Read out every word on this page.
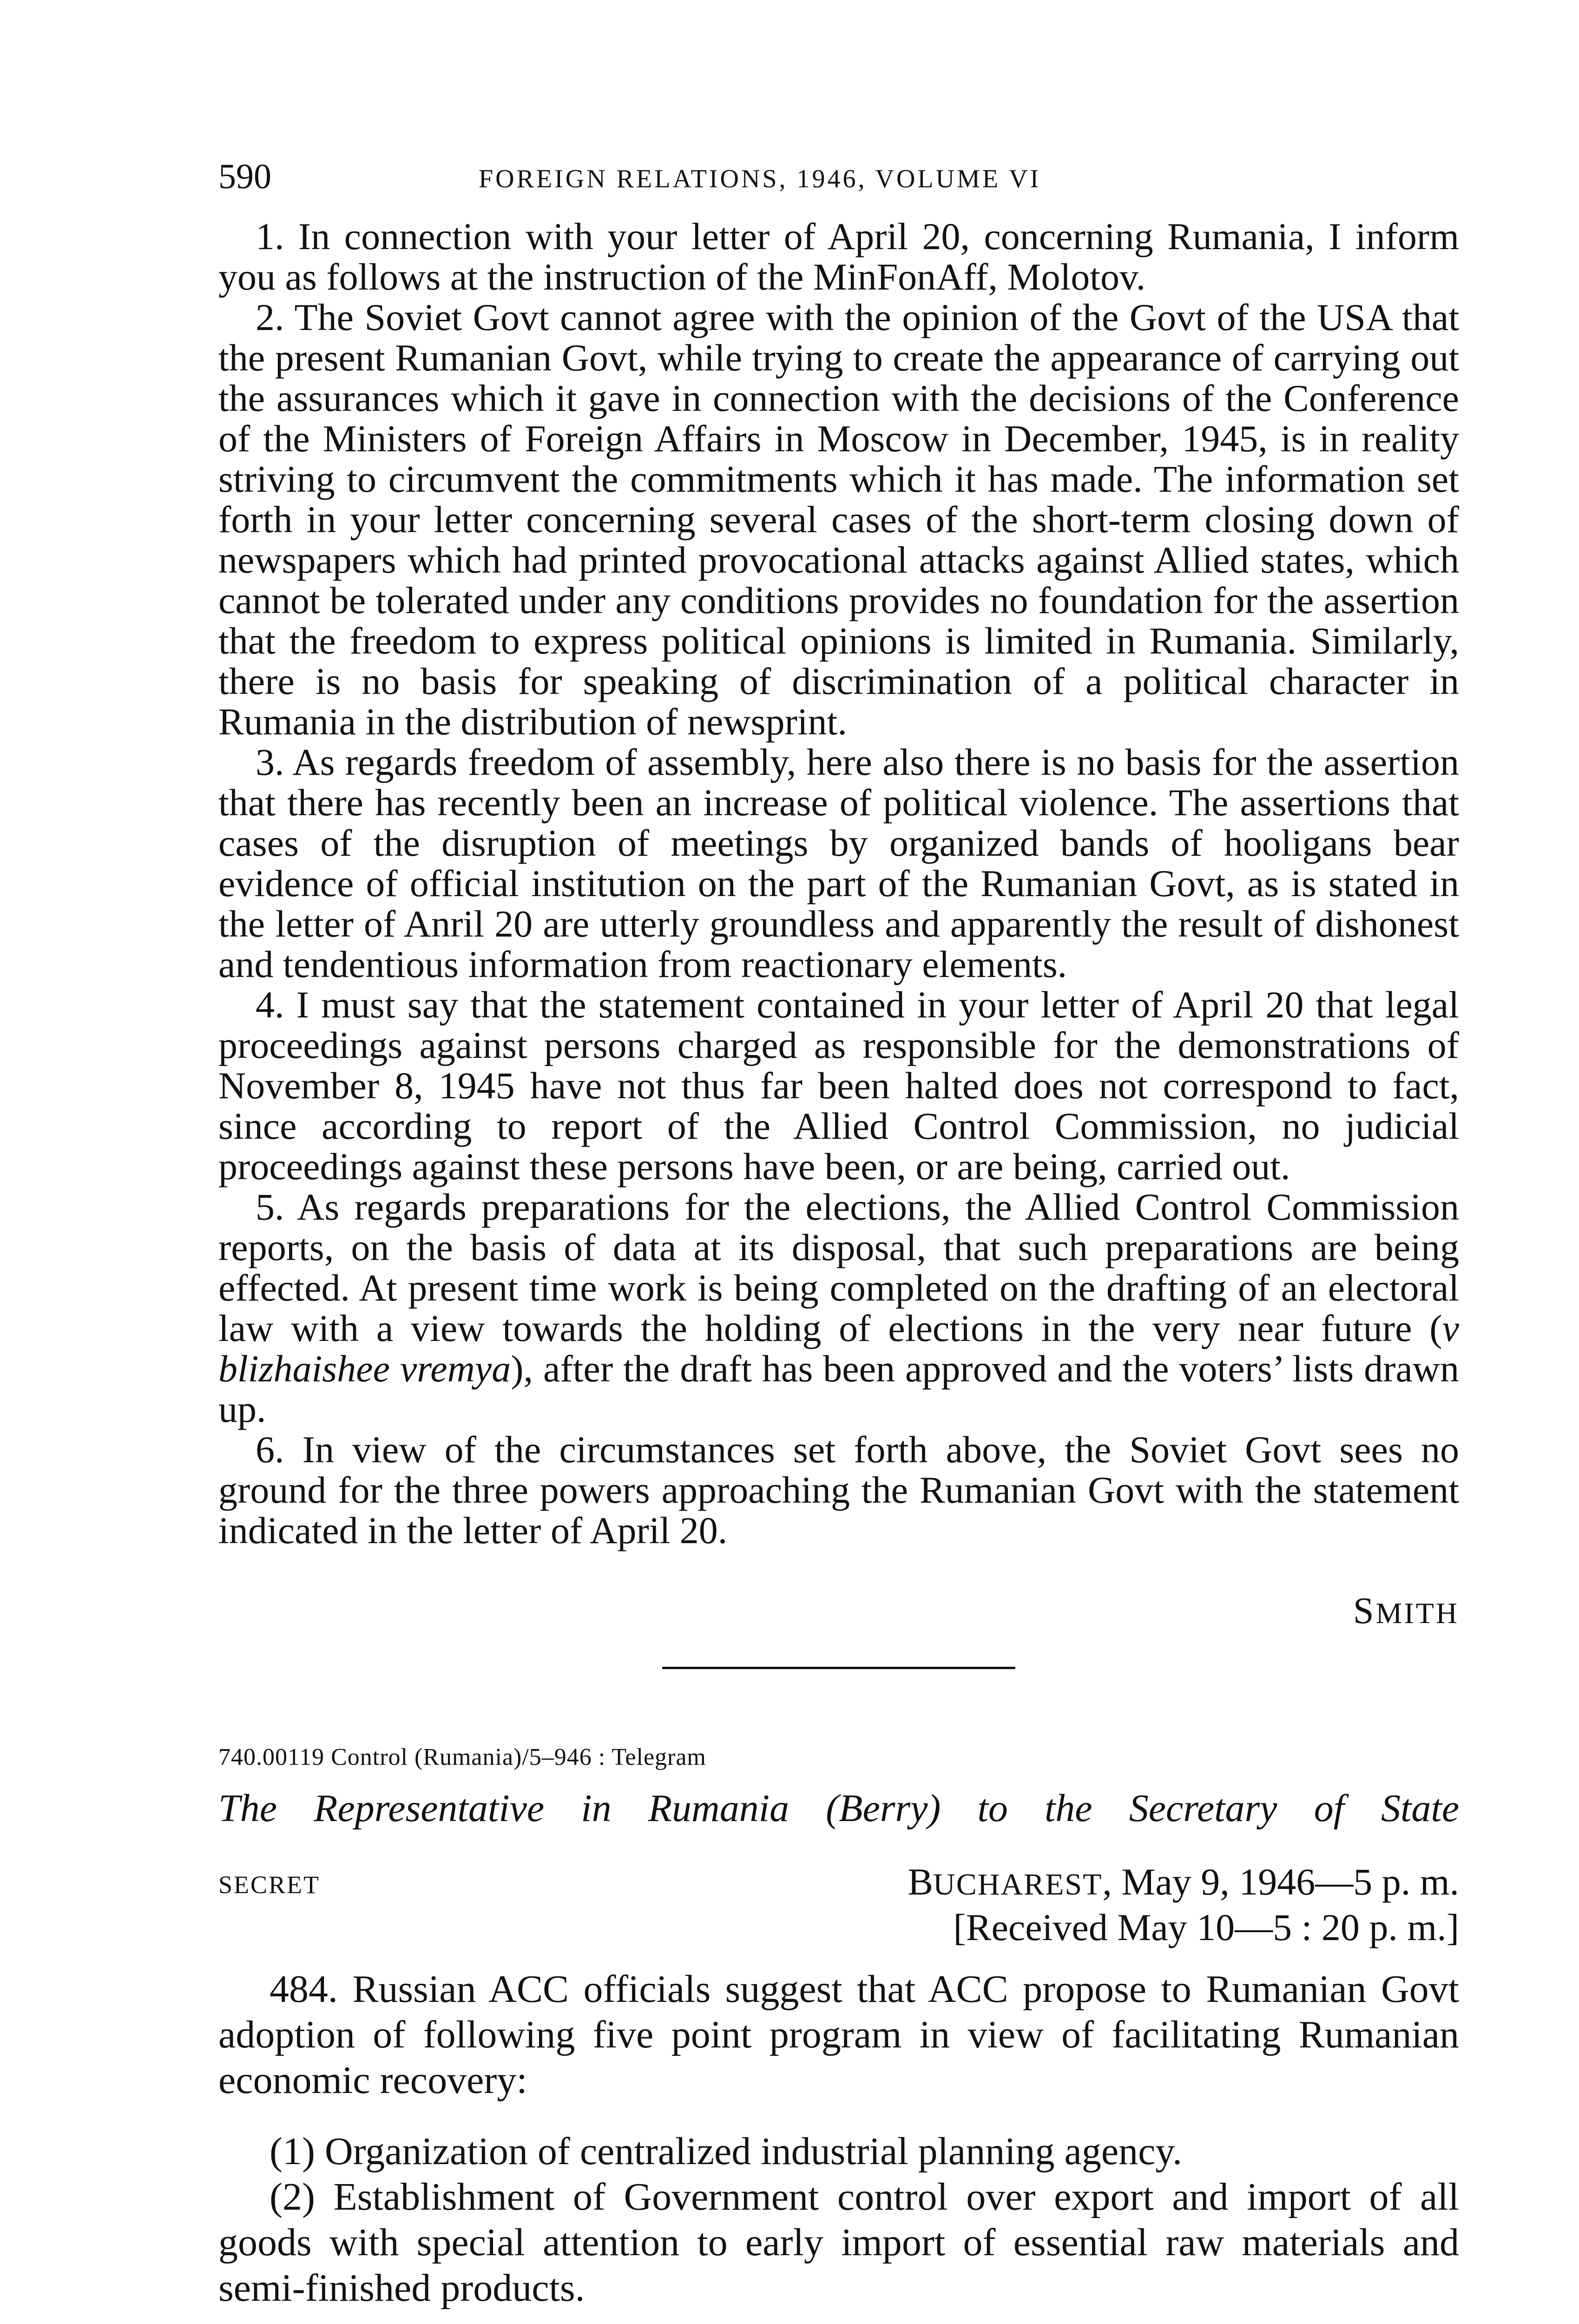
590	FOREIGN RELATIONS, 1946, VOLUME VI

1. In connection with your letter of April 20, concerning Rumania, I inform you as follows at the instruction of the MinFonAff, Molotov.

2. The Soviet Govt cannot agree with the opinion of the Govt of the USA that the present Rumanian Govt, while trying to create the appearance of carrying out the assurances which it gave in connection with the decisions of the Conference of the Ministers of Foreign Affairs in Moscow in December, 1945, is in reality striving to circumvent the commitments which it has made. The information set forth in your letter concerning several cases of the short-term closing down of newspapers which had printed provocational attacks against Allied states, which cannot be tolerated under any conditions provides no foundation for the assertion that the freedom to express political opinions is limited in Rumania. Similarly, there is no basis for speaking of discrimination of a political character in Rumania in the distribution of newsprint.

3. As regards freedom of assembly, here also there is no basis for the assertion that there has recently been an increase of political violence. The assertions that cases of the disruption of meetings by organized bands of hooligans bear evidence of official institution on the part of the Rumanian Govt, as is stated in the letter of Anril 20 are utterly groundless and apparently the result of dishonest and tendentious information from reactionary elements.

4. I must say that the statement contained in your letter of April 20 that legal proceedings against persons charged as responsible for the demonstrations of November 8, 1945 have not thus far been halted does not correspond to fact, since according to report of the Allied Control Commission, no judicial proceedings against these persons have been, or are being, carried out.

5. As regards preparations for the elections, the Allied Control Commission reports, on the basis of data at its disposal, that such preparations are being effected. At present time work is being completed on the drafting of an electoral law with a view towards the holding of elections in the very near future (v blizhaishee vremya), after the draft has been approved and the voters’ lists drawn up.

6. In view of the circumstances set forth above, the Soviet Govt sees no ground for the three powers approaching the Rumanian Govt with the statement indicated in the letter of April 20.

SMITH
740.00119 Control (Rumania)/5–946 : Telegram
The Representative in Rumania (Berry) to the Secretary of State
SECRET	BUCHAREST, May 9, 1946—5 p. m.
[Received May 10—5 : 20 p. m.]

484. Russian ACC officials suggest that ACC propose to Rumanian Govt adoption of following five point program in view of facilitating Rumanian economic recovery:

(1) Organization of centralized industrial planning agency.

(2) Establishment of Government control over export and import of all goods with special attention to early import of essential raw materials and semi-finished products.
